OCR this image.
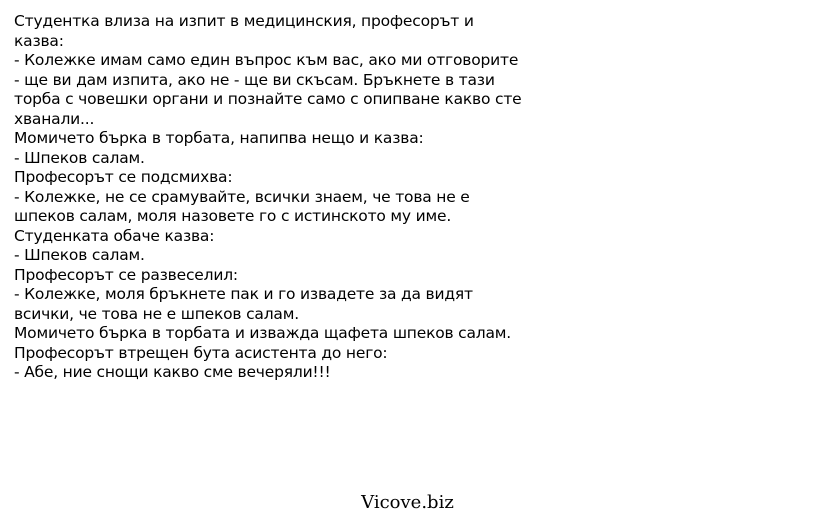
Студентка влиза на изпит в медицинския, професорът и
казва:
- Колежке имам само един въпрос към вас, ако ми отговорите
- ще ви дам изпита, ако не - ще ви скъсам. Бръкнете в тази
торба с човешки органи и познайте само с опипване какво сте
хванали...
Момичето бърка в торбата, напипва нещо и казва:
- Шпеков салам.
Професорът се подсмихва:
- Колежке, не се срамувайте, всички знаем, че това не е
шпеков салам, моля назовете го с истинското му име.
Студенката обаче казва:
- Шпеков салам.
Професорът се развеселил:
- Колежке, моля бръкнете пак и го извадете за да видят
всички, че това не е шпеков салам.
Момичето бърка в торбата и изважда щафета шпеков салам.
Професорът втрещен бута асистента до него:
- Абе, ние снощи какво сме вечеряли!!!
Vicove.biz
